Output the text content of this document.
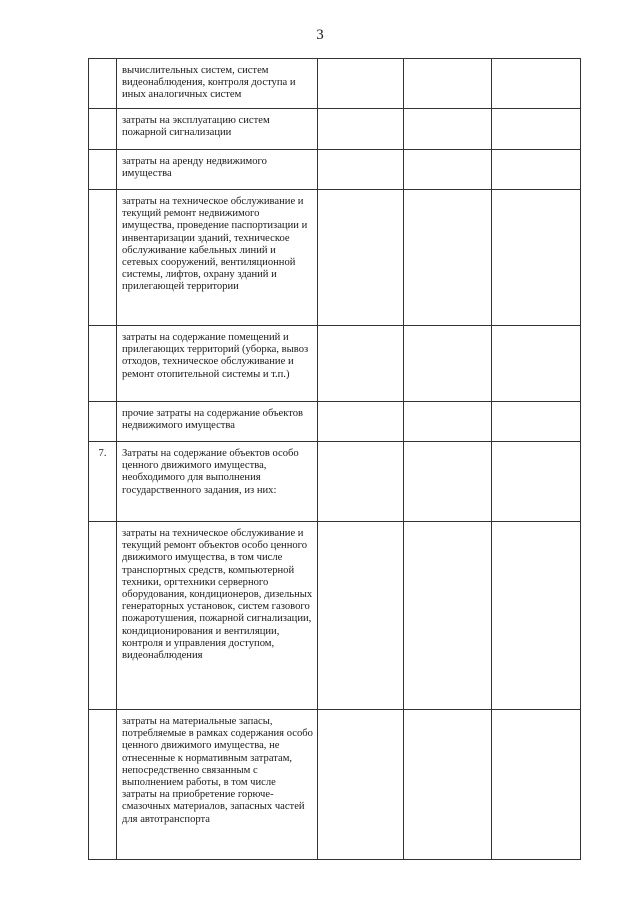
3
	вычислительных систем, систем видеонаблюдения, контроля доступа и иных аналогичных систем			
	затраты на эксплуатацию систем пожарной сигнализации			
	затраты на аренду недвижимого имущества			
	затраты на техническое обслуживание и текущий ремонт недвижимого имущества, проведение паспортизации и инвентаризации зданий, техническое обслуживание кабельных линий и сетевых сооружений, вентиляционной системы, лифтов, охрану зданий и прилегающей территории			
	затраты на содержание помещений и прилегающих территорий (уборка, вывоз отходов, техническое обслуживание и ремонт отопительной системы и т.п.)			
	прочие затраты на содержание объектов недвижимого имущества			
7.	Затраты на содержание объектов особо ценного движимого имущества, необходимого для выполнения государственного задания, из них:			
	затраты на техническое обслуживание и текущий ремонт объектов особо ценного движимого имущества, в том числе транспортных средств, компьютерной техники, оргтехники серверного оборудования, кондиционеров, дизельных генераторных установок, систем газового пожаротушения, пожарной сигнализации, кондиционирования и вентиляции, контроля и управления доступом, видеонаблюдения			
	затраты на материальные запасы, потребляемые в рамках содержания особо ценного движимого имущества, не отнесенные к нормативным затратам, непосредственно связанным с выполнением работы, в том числе затраты на приобретение горюче-смазочных материалов, запасных частей для автотранспорта			
